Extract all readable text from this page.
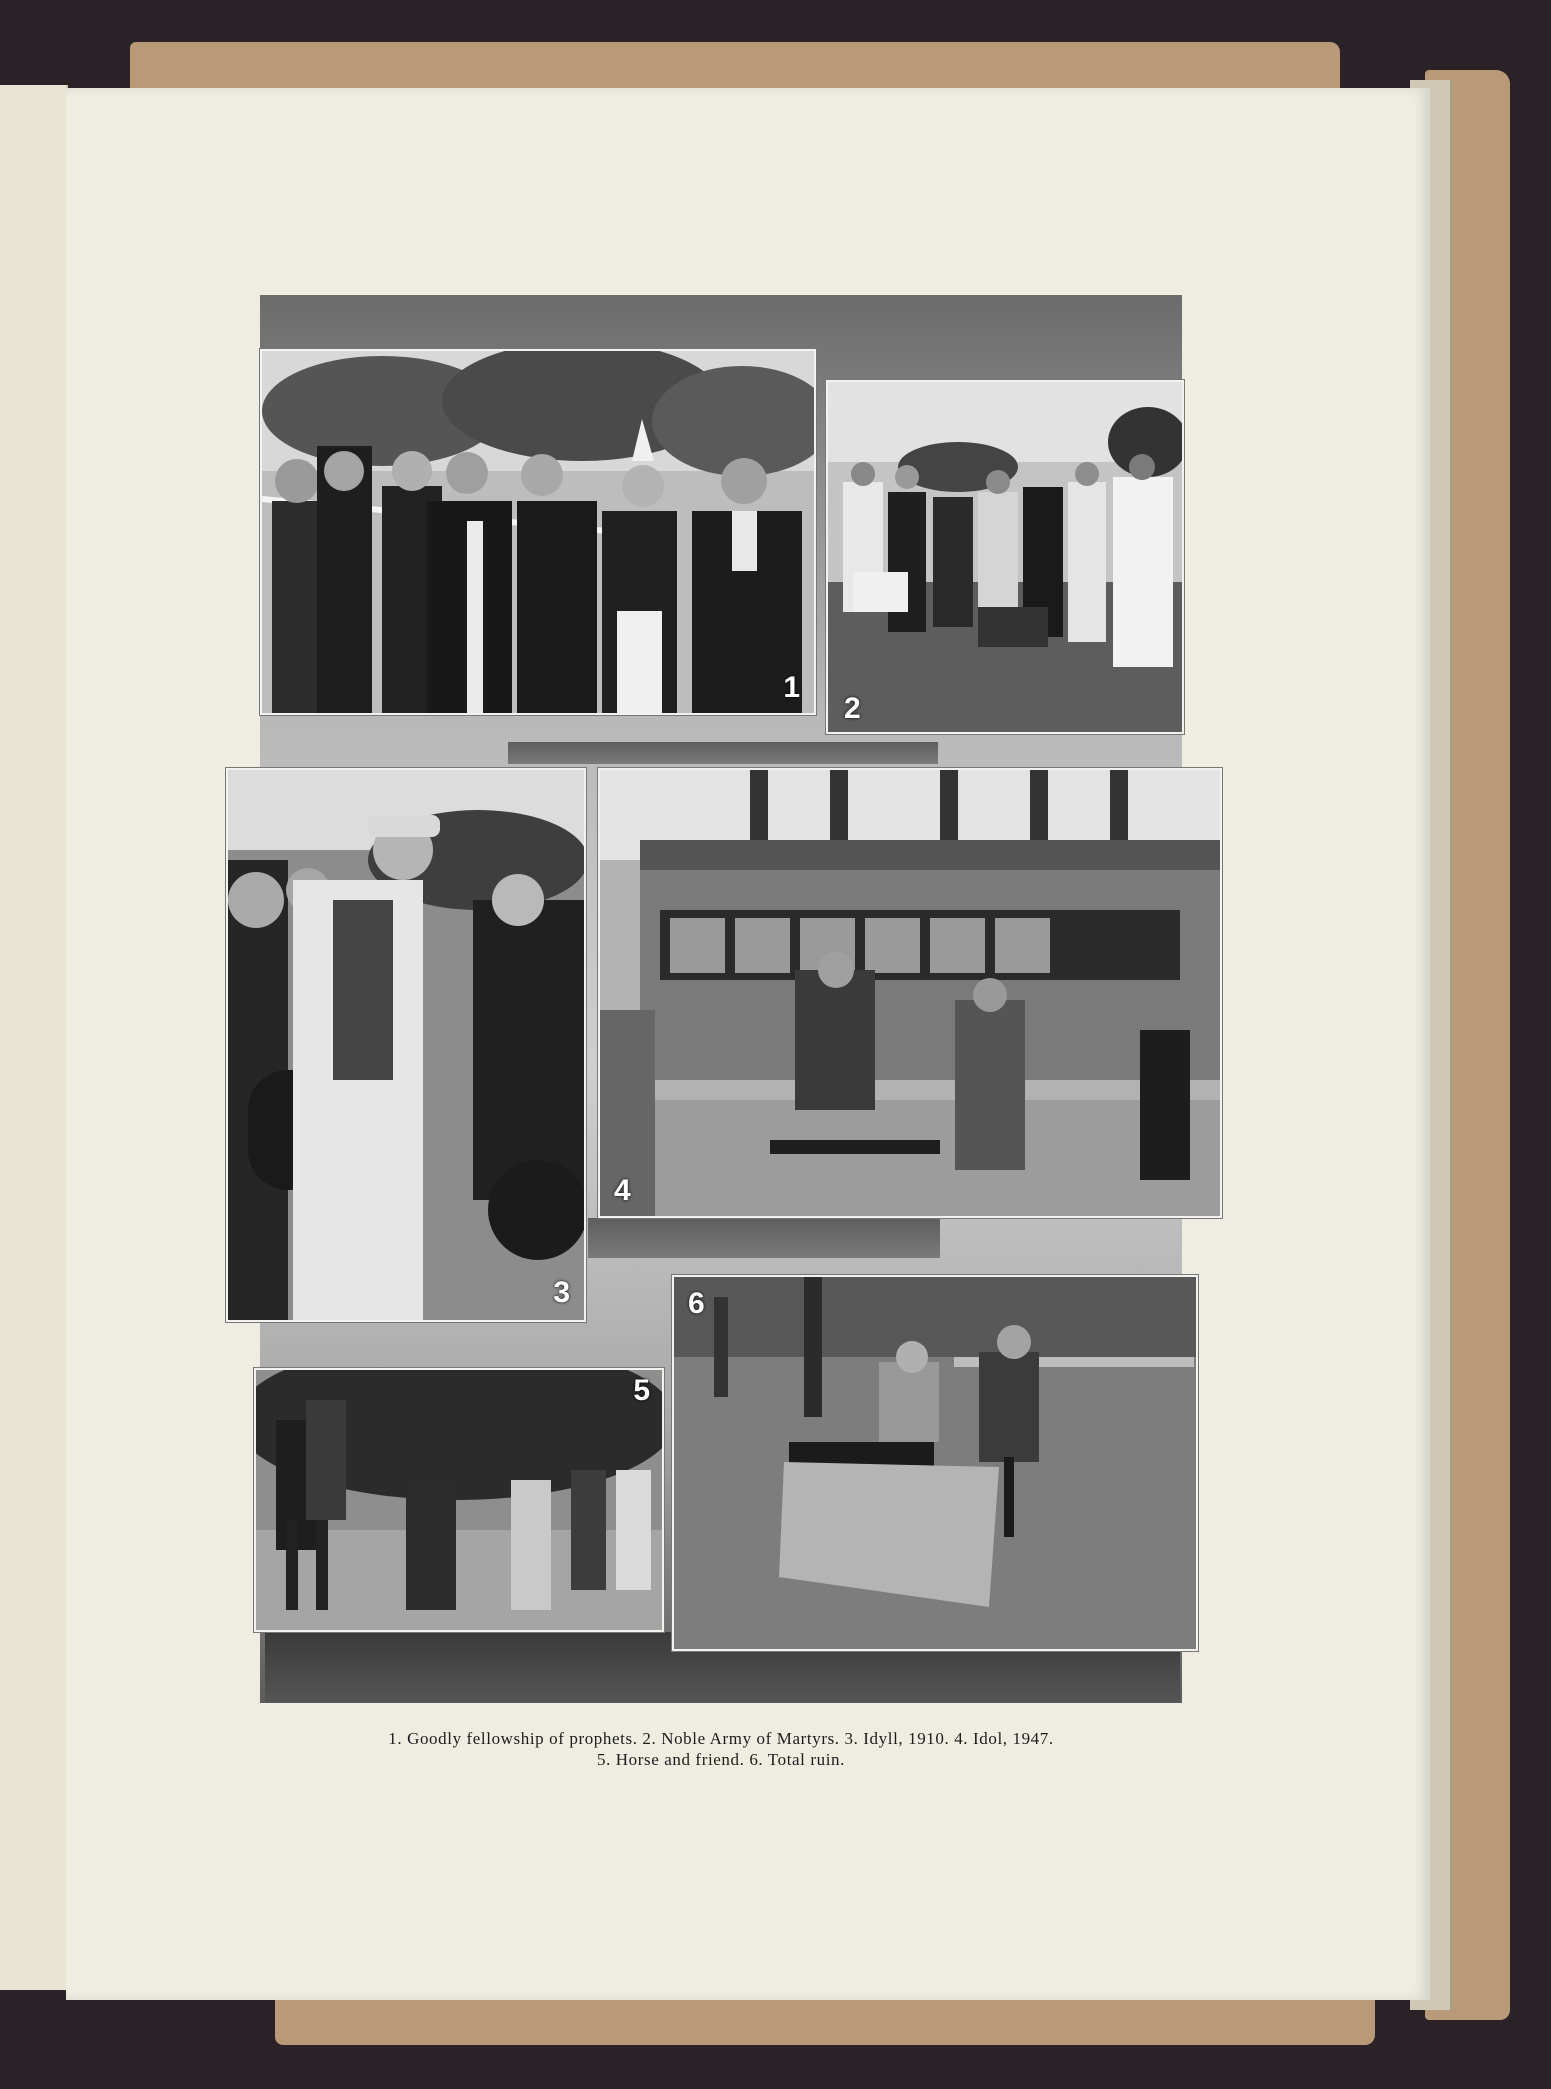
1
2
3
4
5
6
1. Goodly fellowship of prophets. 2. Noble Army of Martyrs. 3. Idyll, 1910. 4. Idol, 1947.
5. Horse and friend. 6. Total ruin.
